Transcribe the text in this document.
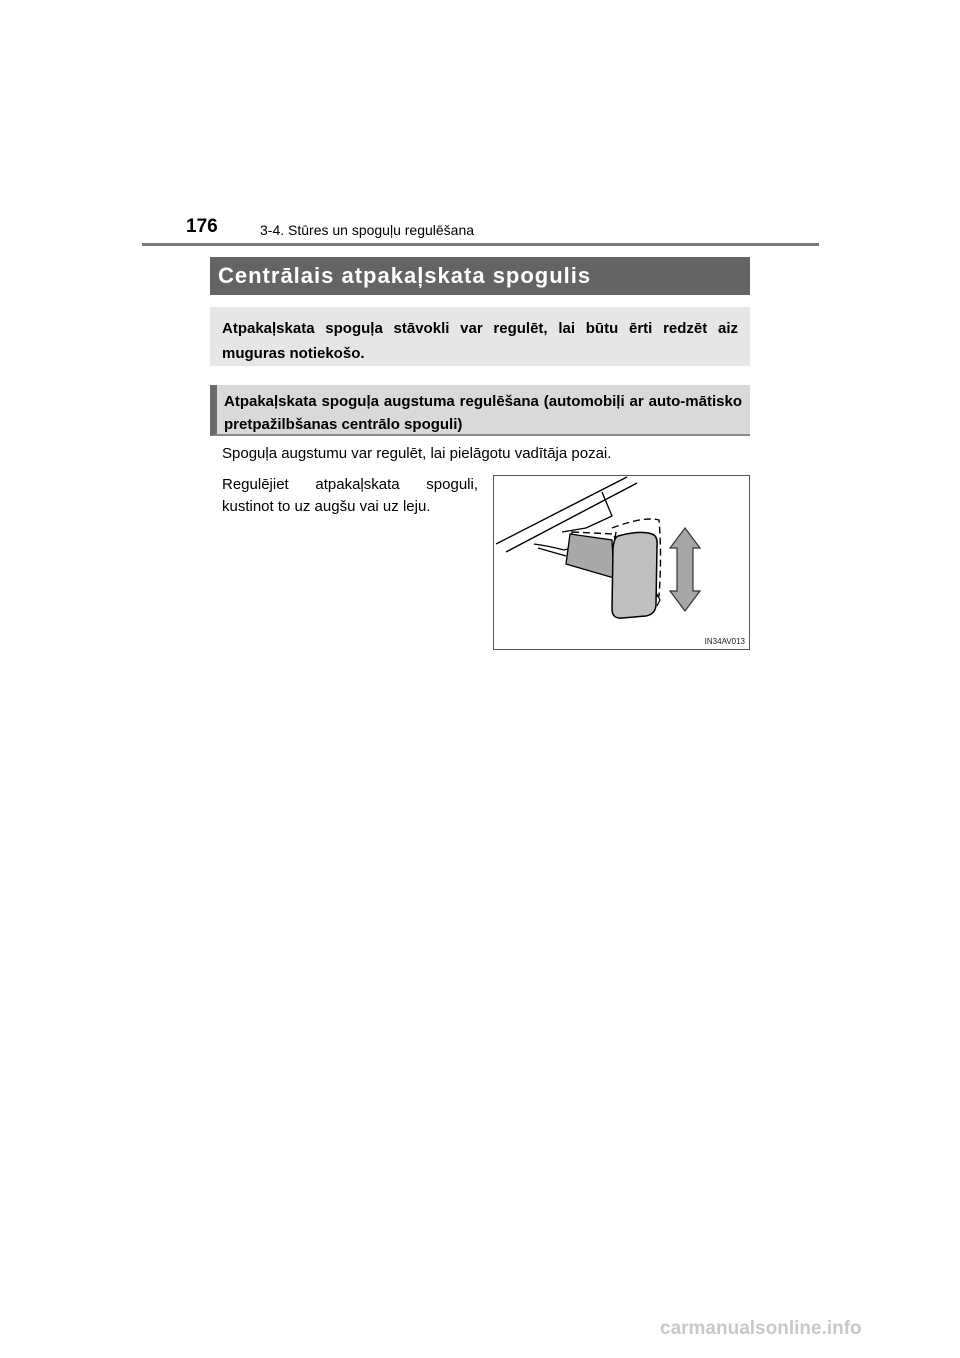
176	3-4. Stūres un spoguļu regulēšana
Centrālais atpakaļskata spogulis

Atpakaļskata spoguļa stāvokli var regulēt, lai būtu ērti redzēt aiz muguras notiekošo.

Atpakaļskata spoguļa augstuma regulēšana (automobiļi ar auto-mātisko pretpažilbšanas centrālo spoguli)

Spoguļa augstumu var regulēt, lai pielāgotu vadītāja pozai.

Regulējiet atpakaļskata spoguli, kustinot to uz augšu vai uz leju.

IN34AV013
carmanualsonline.info
